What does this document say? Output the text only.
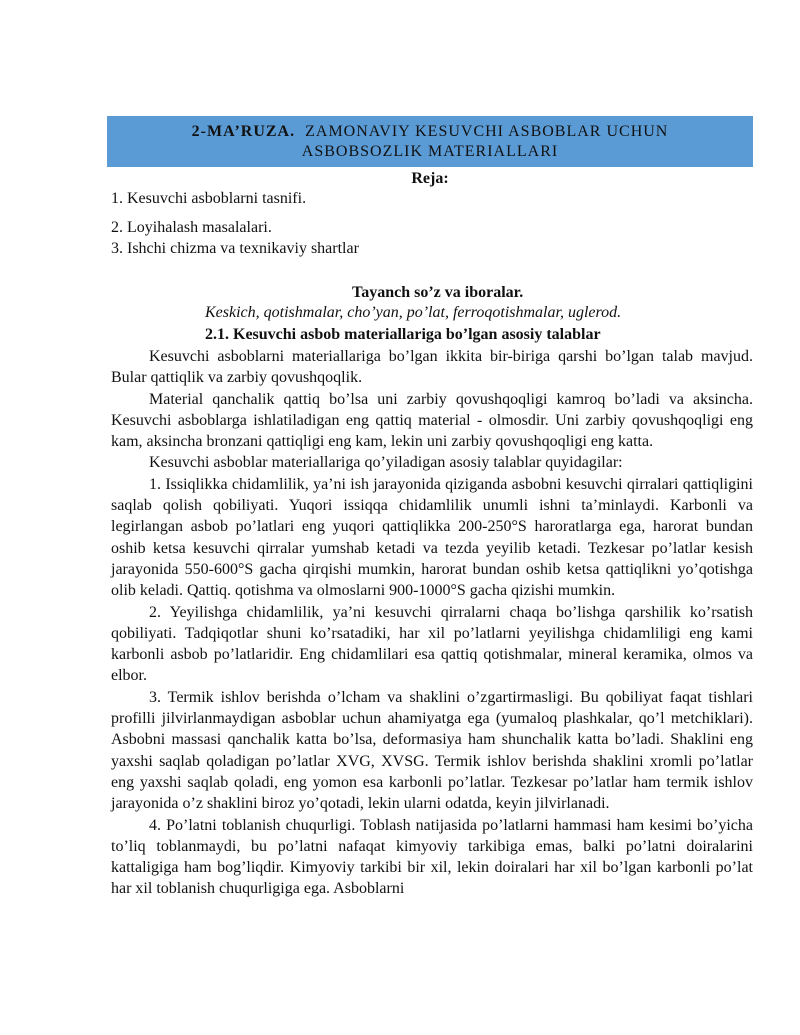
2-MA’RUZA. ZAMONAVIY KESUVCHI ASBOBLAR UCHUN
ASBOBSOZLIK MATERIALLARI
Reja:
1. Kesuvchi asboblarni tasnifi.
2. Loyihalash masalalari.
3. Ishchi chizma va texnikaviy shartlar
Tayanch so’z va iboralar.
Keskich, qotishmalar, cho’yan, po’lat, ferroqotishmalar, uglerod.
2.1. Kesuvchi asbob materiallariga bo’lgan asosiy talablar

Kesuvchi asboblarni materiallariga bo’lgan ikkita bir-biriga qarshi bo’lgan talab mavjud. Bular qattiqlik va zarbiy qovushqoqlik.

Material qanchalik qattiq bo’lsa uni zarbiy qovushqoqligi kamroq bo’ladi va aksincha. Kesuvchi asboblarga ishlatiladigan eng qattiq material - olmosdir. Uni zarbiy qovushqoqligi eng kam, aksincha bronzani qattiqligi eng kam, lekin uni zarbiy qovushqoqligi eng katta.

Kesuvchi asboblar materiallariga qo’yiladigan asosiy talablar quyidagilar:

1. Issiqlikka chidamlilik, ya’ni ish jarayonida qiziganda asbobni kesuvchi qirralari qattiqligini saqlab qolish qobiliyati. Yuqori issiqqa chidamlilik unumli ishni ta’minlaydi. Karbonli va legirlangan asbob po’latlari eng yuqori qattiqlikka 200-250°S haroratlarga ega, harorat bundan oshib ketsa kesuvchi qirralar yumshab ketadi va tezda yeyilib ketadi. Tezkesar po’latlar kesish jarayonida 550-600°S gacha qirqishi mumkin, harorat bundan oshib ketsa qattiqlikni yo’qotishga olib keladi. Qattiq. qotishma va olmoslarni 900-1000°S gacha qizishi mumkin.

2. Yeyilishga chidamlilik, ya’ni kesuvchi qirralarni chaqa bo’lishga qarshilik ko’rsatish qobiliyati. Tadqiqotlar shuni ko’rsatadiki, har xil po’latlarni yeyilishga chidamliligi eng kami karbonli asbob po’latlaridir. Eng chidamlilari esa qattiq qotishmalar, mineral keramika, olmos va elbor.

3. Termik ishlov berishda o’lcham va shaklini o’zgartirmasligi. Bu qobiliyat faqat tishlari profilli jilvirlanmaydigan asboblar uchun ahamiyatga ega (yumaloq plashkalar, qo’l metchiklari). Asbobni massasi qanchalik katta bo’lsa, deformasiya ham shunchalik katta bo’ladi. Shaklini eng yaxshi saqlab qoladigan po’latlar XVG, XVSG. Termik ishlov berishda shaklini xromli po’latlar eng yaxshi saqlab qoladi, eng yomon esa karbonli po’latlar. Tezkesar po’latlar ham termik ishlov jarayonida o’z shaklini biroz yo’qotadi, lekin ularni odatda, keyin jilvirlanadi.

4. Po’latni toblanish chuqurligi. Toblash natijasida po’latlarni hammasi ham kesimi bo’yicha to’liq toblanmaydi, bu po’latni nafaqat kimyoviy tarkibiga emas, balki po’latni doiralarini kattaligiga ham bog’liqdir. Kimyoviy tarkibi bir xil, lekin doiralari har xil bo’lgan karbonli po’lat har xil toblanish chuqurligiga ega. Asboblarni
